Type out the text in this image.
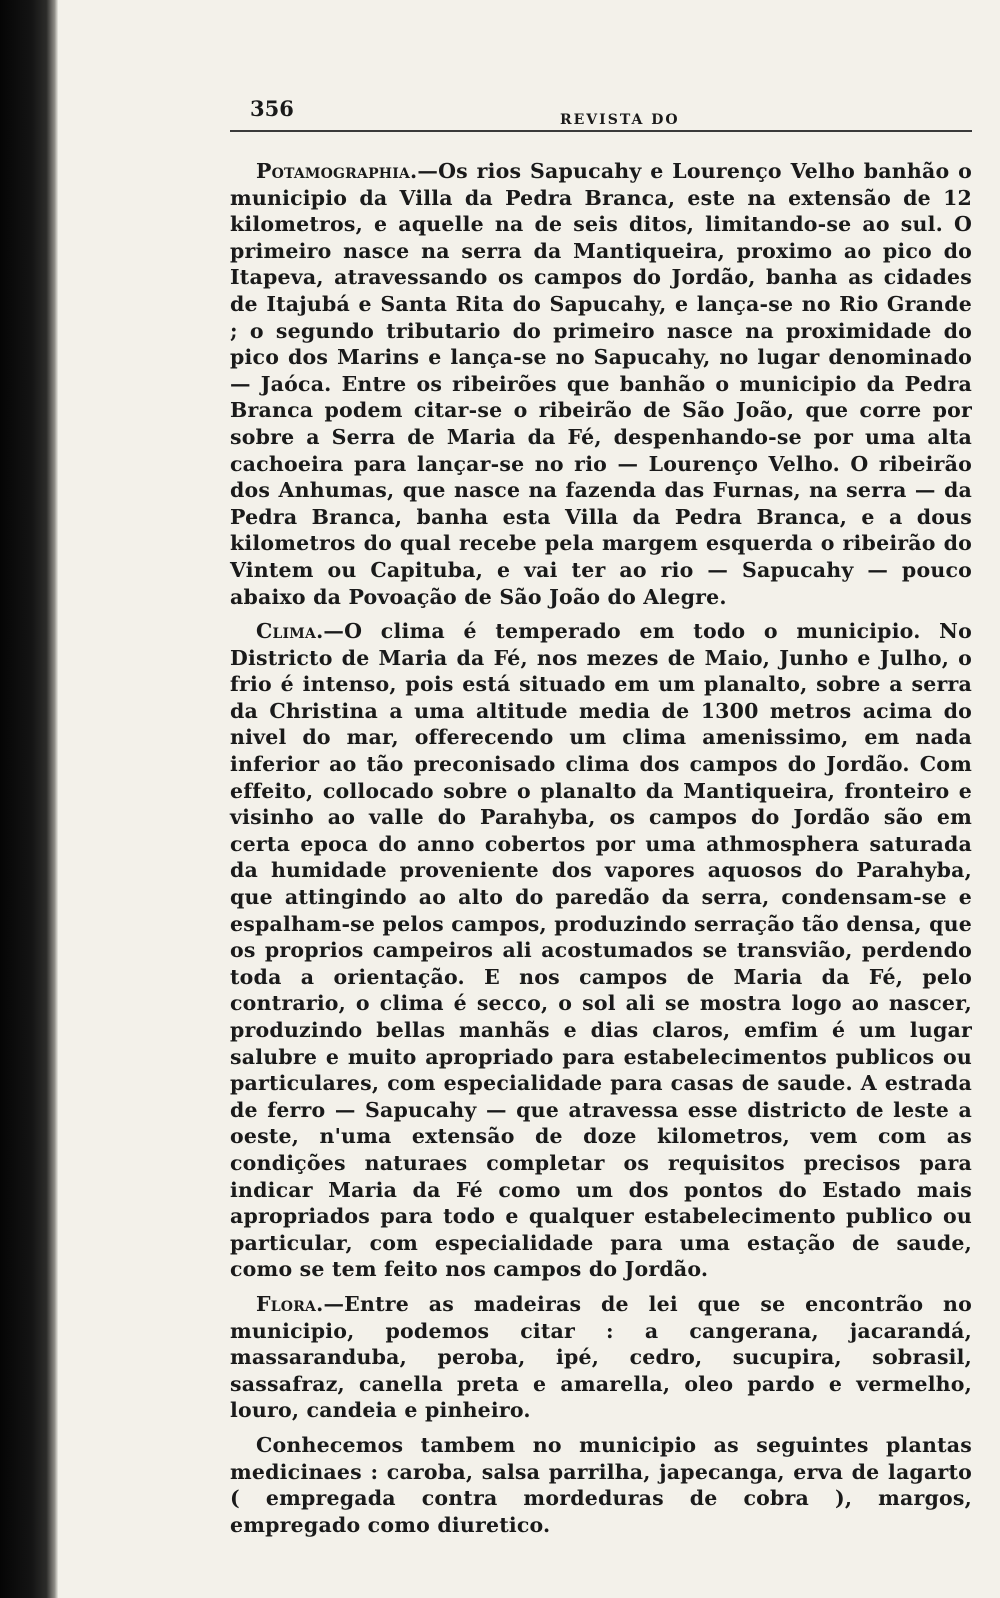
356	REVISTA DO

Potamographia.—Os rios Sapucahy e Lourenço Velho banhão o municipio da Villa da Pedra Branca, este na extensão de 12 kilometros, e aquelle na de seis ditos, limitando-se ao sul. O primeiro nasce na serra da Mantiqueira, proximo ao pico do Itapeva, atravessando os campos do Jordão, banha as cidades de Itajubá e Santa Rita do Sapucahy, e lança-se no Rio Grande ; o segundo tributario do primeiro nasce na proximidade do pico dos Marins e lança-se no Sapucahy, no lugar denominado — Jaóca. Entre os ribeirões que banhão o municipio da Pedra Branca podem citar-se o ribeirão de São João, que corre por sobre a Serra de Maria da Fé, despenhando-se por uma alta cachoeira para lançar-se no rio — Lourenço Velho. O ribeirão dos Anhumas, que nasce na fazenda das Furnas, na serra — da Pedra Branca, banha esta Villa da Pedra Branca, e a dous kilometros do qual recebe pela margem esquerda o ribeirão do Vintem ou Capituba, e vai ter ao rio — Sapucahy — pouco abaixo da Povoação de São João do Alegre.

Clima.—O clima é temperado em todo o municipio. No Districto de Maria da Fé, nos mezes de Maio, Junho e Julho, o frio é intenso, pois está situado em um planalto, sobre a serra da Christina a uma altitude media de 1300 metros acima do nivel do mar, offerecendo um clima amenissimo, em nada inferior ao tão preconisado clima dos campos do Jordão. Com effeito, collocado sobre o planalto da Mantiqueira, fronteiro e visinho ao valle do Parahyba, os campos do Jordão são em certa epoca do anno cobertos por uma athmosphera saturada da humidade proveniente dos vapores aquosos do Parahyba, que attingindo ao alto do paredão da serra, condensam-se e espalham-se pelos campos, produzindo serração tão densa, que os proprios campeiros ali acostumados se transvião, perdendo toda a orientação. E nos campos de Maria da Fé, pelo contrario, o clima é secco, o sol ali se mostra logo ao nascer, produzindo bellas manhãs e dias claros, emfim é um lugar salubre e muito apropriado para estabelecimentos publicos ou particulares, com especialidade para casas de saude. A estrada de ferro — Sapucahy — que atravessa esse districto de leste a oeste, n'uma extensão de doze kilometros, vem com as condições naturaes completar os requisitos precisos para indicar Maria da Fé como um dos pontos do Estado mais apropriados para todo e qualquer estabelecimento publico ou particular, com especialidade para uma estação de saude, como se tem feito nos campos do Jordão.

Flora.—Entre as madeiras de lei que se encontrão no municipio, podemos citar : a cangerana, jacarandá, massaranduba, peroba, ipé, cedro, sucupira, sobrasil, sassafraz, canella preta e amarella, oleo pardo e vermelho, louro, candeia e pinheiro.

Conhecemos tambem no municipio as seguintes plantas medicinaes : caroba, salsa parrilha, japecanga, erva de lagarto ( empregada contra mordeduras de cobra ), margos, empregado como diuretico.
